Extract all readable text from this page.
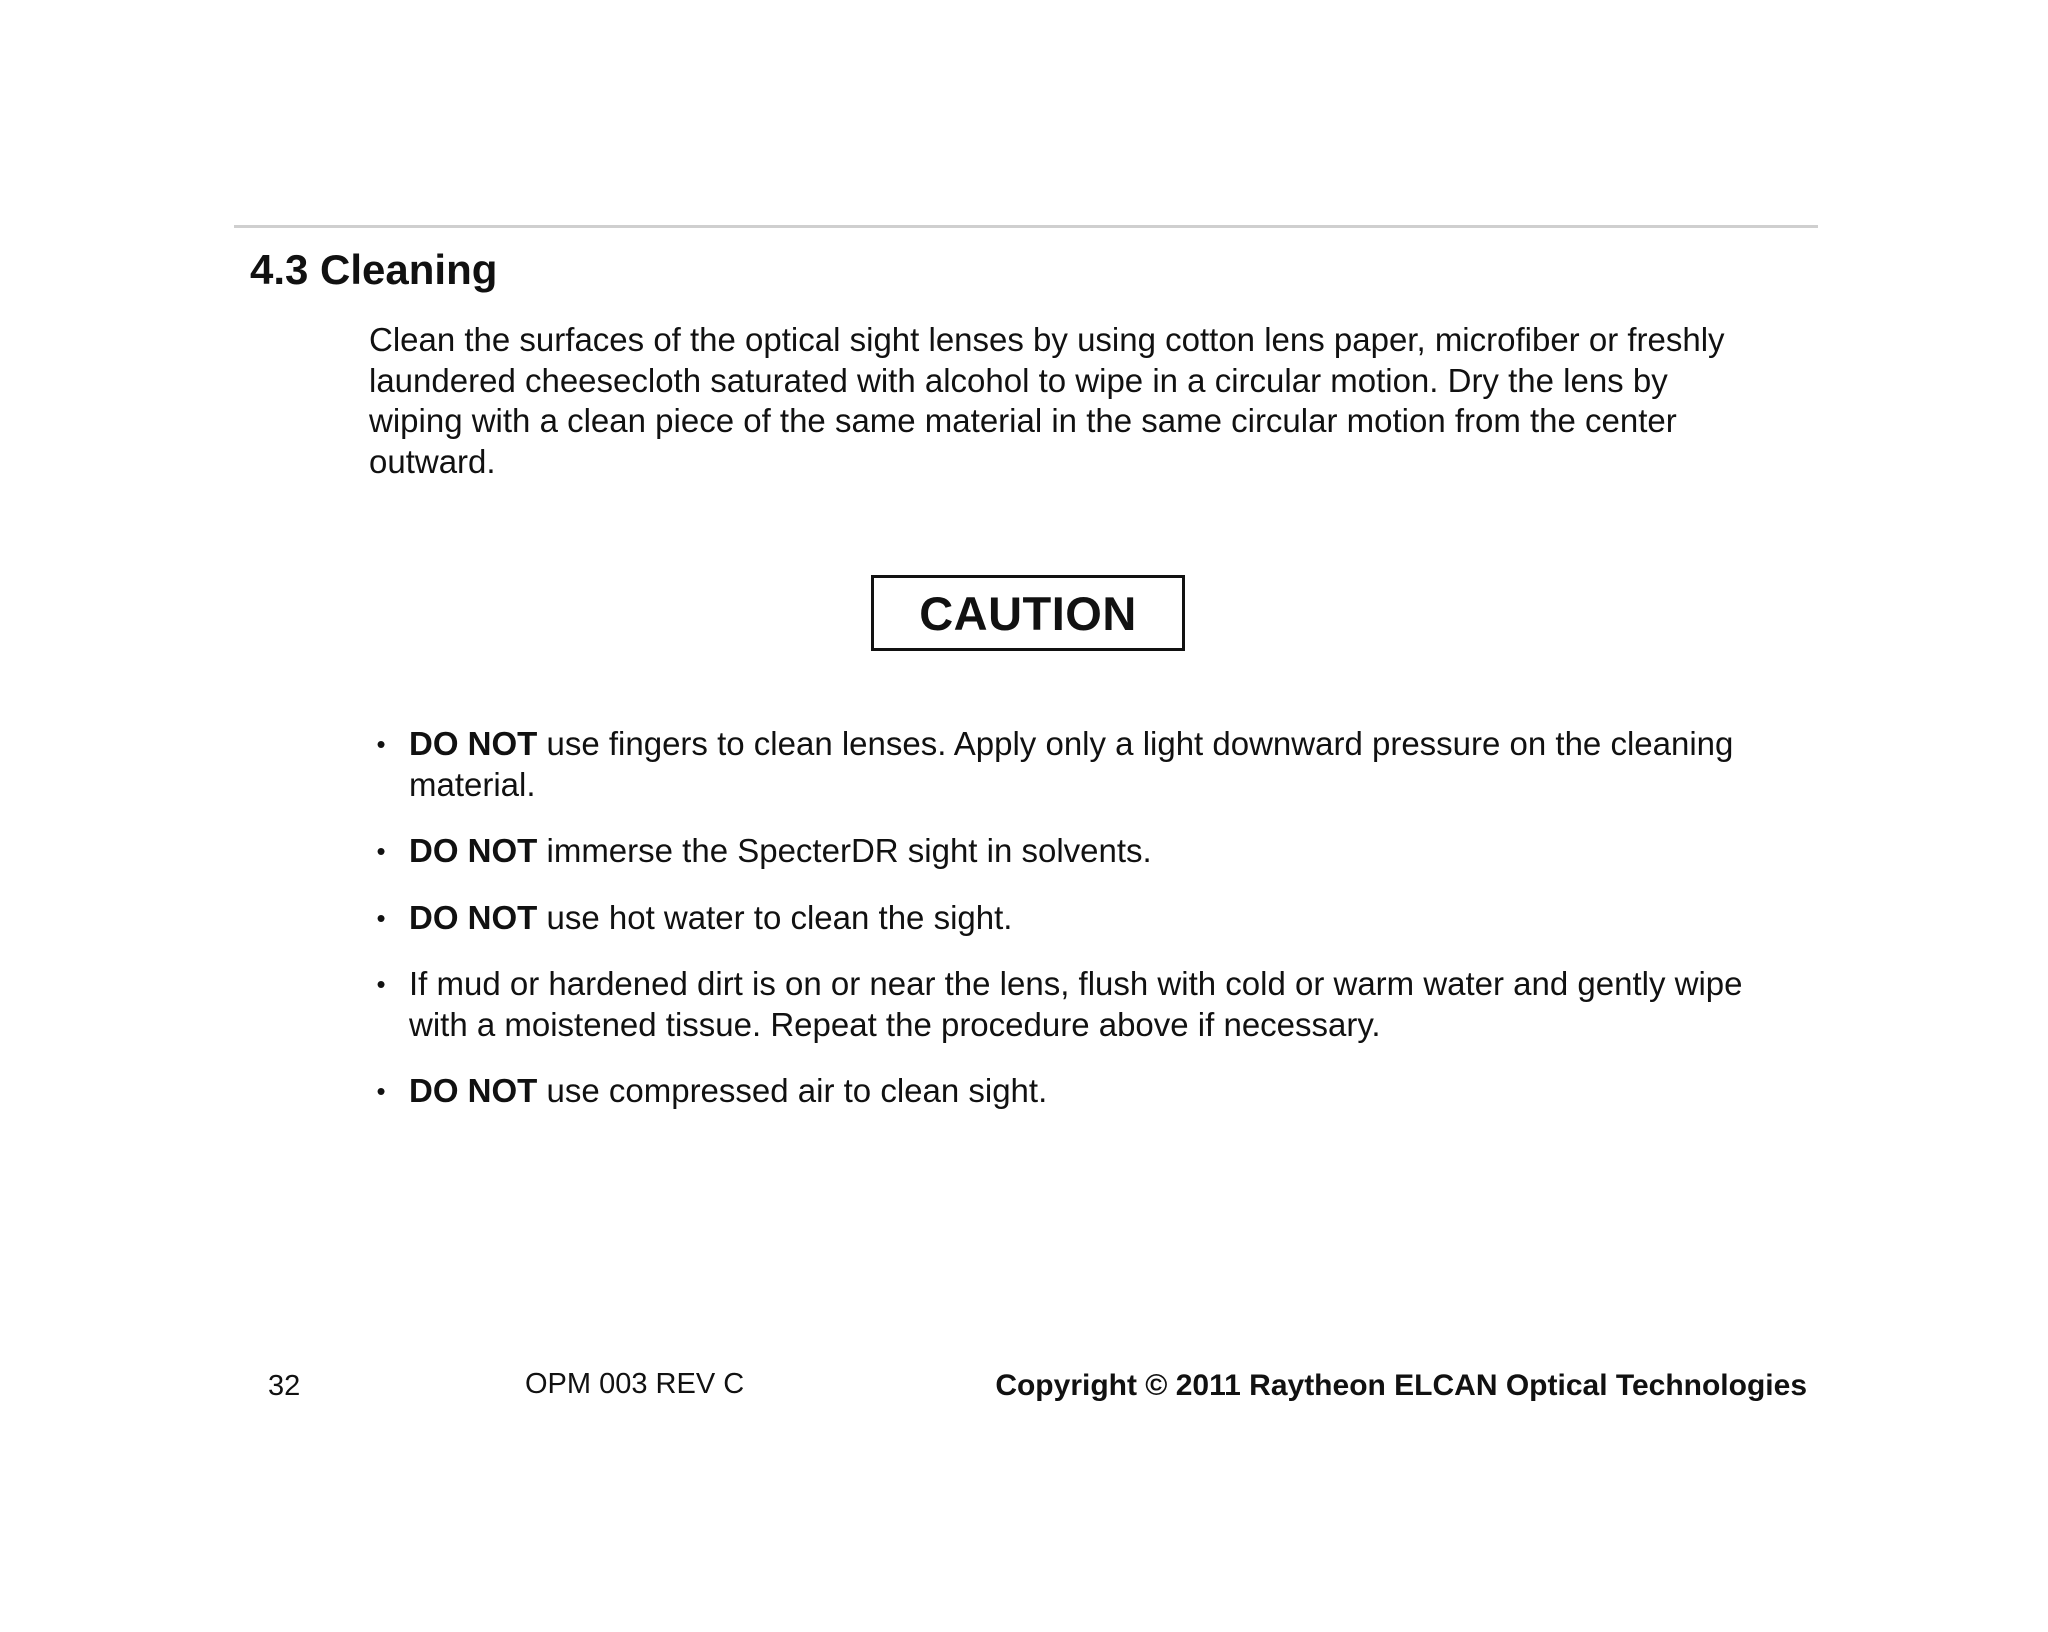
4.3 Cleaning

Clean the surfaces of the optical sight lenses by using cotton lens paper, microfiber or freshly laundered cheesecloth saturated with alcohol to wipe in a circular motion. Dry the lens by wiping with a clean piece of the same material in the same circular motion from the center outward.

CAUTION
• DO NOT use fingers to clean lenses. Apply only a light downward pressure on the cleaning material.
• DO NOT immerse the SpecterDR sight in solvents.
• DO NOT use hot water to clean the sight.
• If mud or hardened dirt is on or near the lens, flush with cold or warm water and gently wipe with a moistened tissue. Repeat the procedure above if necessary.
• DO NOT use compressed air to clean sight.
32	OPM 003 REV C	Copyright © 2011 Raytheon ELCAN Optical Technologies
